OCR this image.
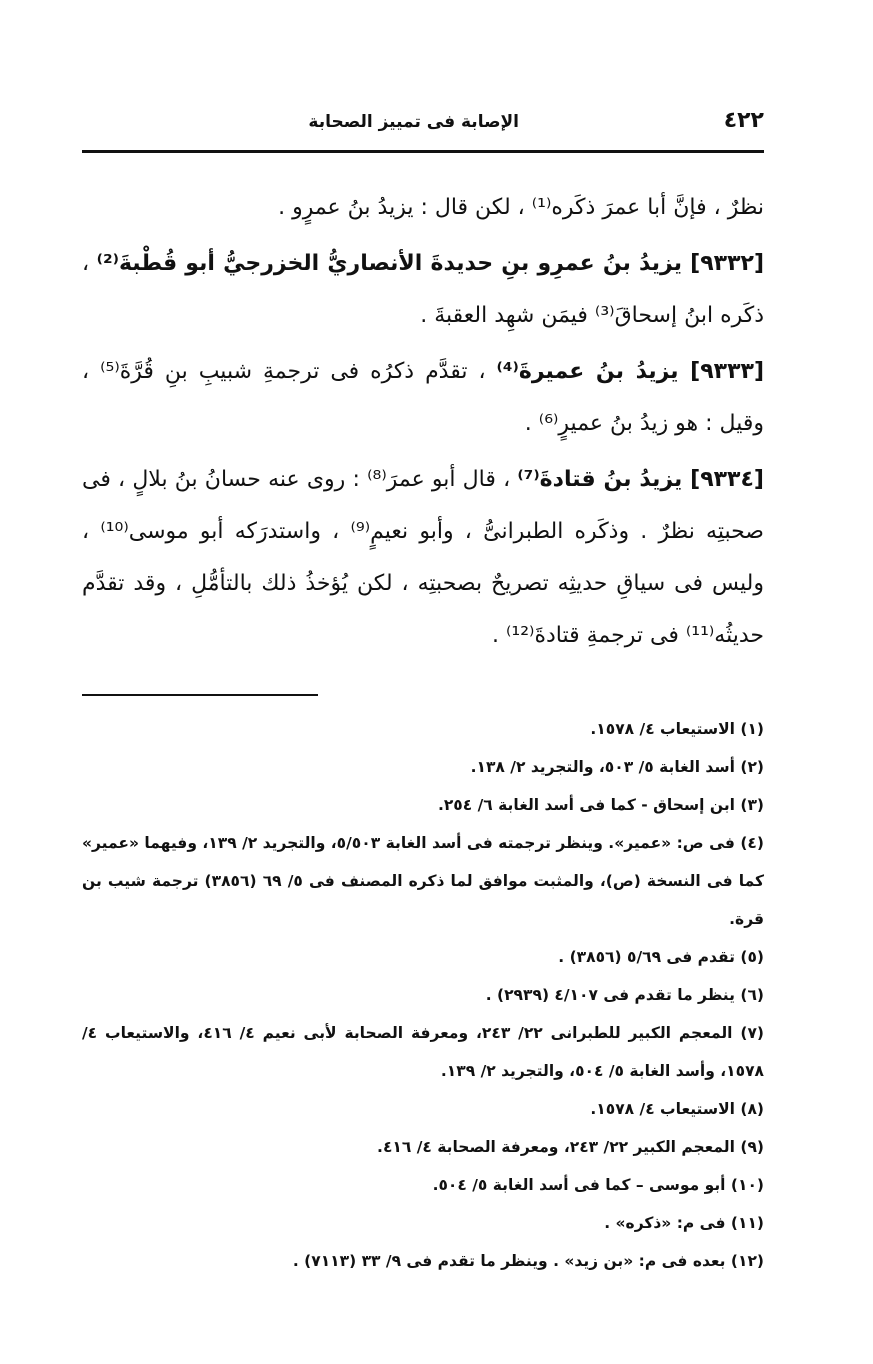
٤٢٢
الإصابة فى تمييز الصحابة

نظرٌ ، فإنَّ أبا عمرَ ذكَره⁽¹⁾ ، لكن قال : يزيدُ بنُ عمرٍو .

[٩٣٣٢] يزيدُ بنُ عمرِو بنِ حديدةَ الأنصاريُّ الخزرجيُّ أبو قُطْبةَ⁽²⁾ ، ذكَره ابنُ إسحاقَ⁽³⁾ فيمَن شهِد العقبةَ .

[٩٣٣٣] يزيدُ بنُ عميرةَ⁽⁴⁾ ، تقدَّم ذكرُه فى ترجمةِ شبيبِ بنِ قُرَّةَ⁽⁵⁾ ، وقيل : هو زيدُ بنُ عميرٍ⁽⁶⁾ .

[٩٣٣٤] يزيدُ بنُ قتادةَ⁽⁷⁾ ، قال أبو عمرَ⁽⁸⁾ : روى عنه حسانُ بنُ بلالٍ ، فى صحبتِه نظرٌ . وذكَره الطبرانىُّ ، وأبو نعيمٍ⁽⁹⁾ ، واستدرَكه أبو موسى⁽¹⁰⁾ ، وليس فى سياقِ حديثِه تصريحٌ بصحبتِه ، لكن يُؤخذُ ذلك بالتأمُّلِ ، وقد تقدَّم حديثُه⁽¹¹⁾ فى ترجمةِ قتادةَ⁽¹²⁾ .

(١) الاستيعاب ٤/ ١٥٧٨.

(٢) أسد الغابة ٥/ ٥٠٣، والتجريد ٢/ ١٣٨.

(٣) ابن إسحاق - كما فى أسد الغابة ٦/ ٢٥٤.

(٤) فى ص: «عمير». وينظر ترجمته فى أسد الغابة ٥/٥٠٣، والتجريد ٢/ ١٣٩، وفيهما «عمير» كما فى النسخة (ص)، والمثبت موافق لما ذكره المصنف فى ٥/ ٦٩ (٣٨٥٦) ترجمة شيب بن قرة.

(٥) تقدم فى ٥/٦٩ (٣٨٥٦) .

(٦) ينظر ما تقدم فى ٤/١٠٧ (٢٩٣٩) .

(٧) المعجم الكبير للطبرانى ٢٢/ ٢٤٣، ومعرفة الصحابة لأبى نعيم ٤/ ٤١٦، والاستيعاب ٤/ ١٥٧٨، وأسد الغابة ٥/ ٥٠٤، والتجريد ٢/ ١٣٩.

(٨) الاستيعاب ٤/ ١٥٧٨.

(٩) المعجم الكبير ٢٢/ ٢٤٣، ومعرفة الصحابة ٤/ ٤١٦.

(١٠) أبو موسى – كما فى أسد الغابة ٥/ ٥٠٤.

(١١) فى م: «ذكره» .

(١٢) بعده فى م: «بن زيد» . وينظر ما تقدم فى ٩/ ٣٣ (٧١١٣) .
